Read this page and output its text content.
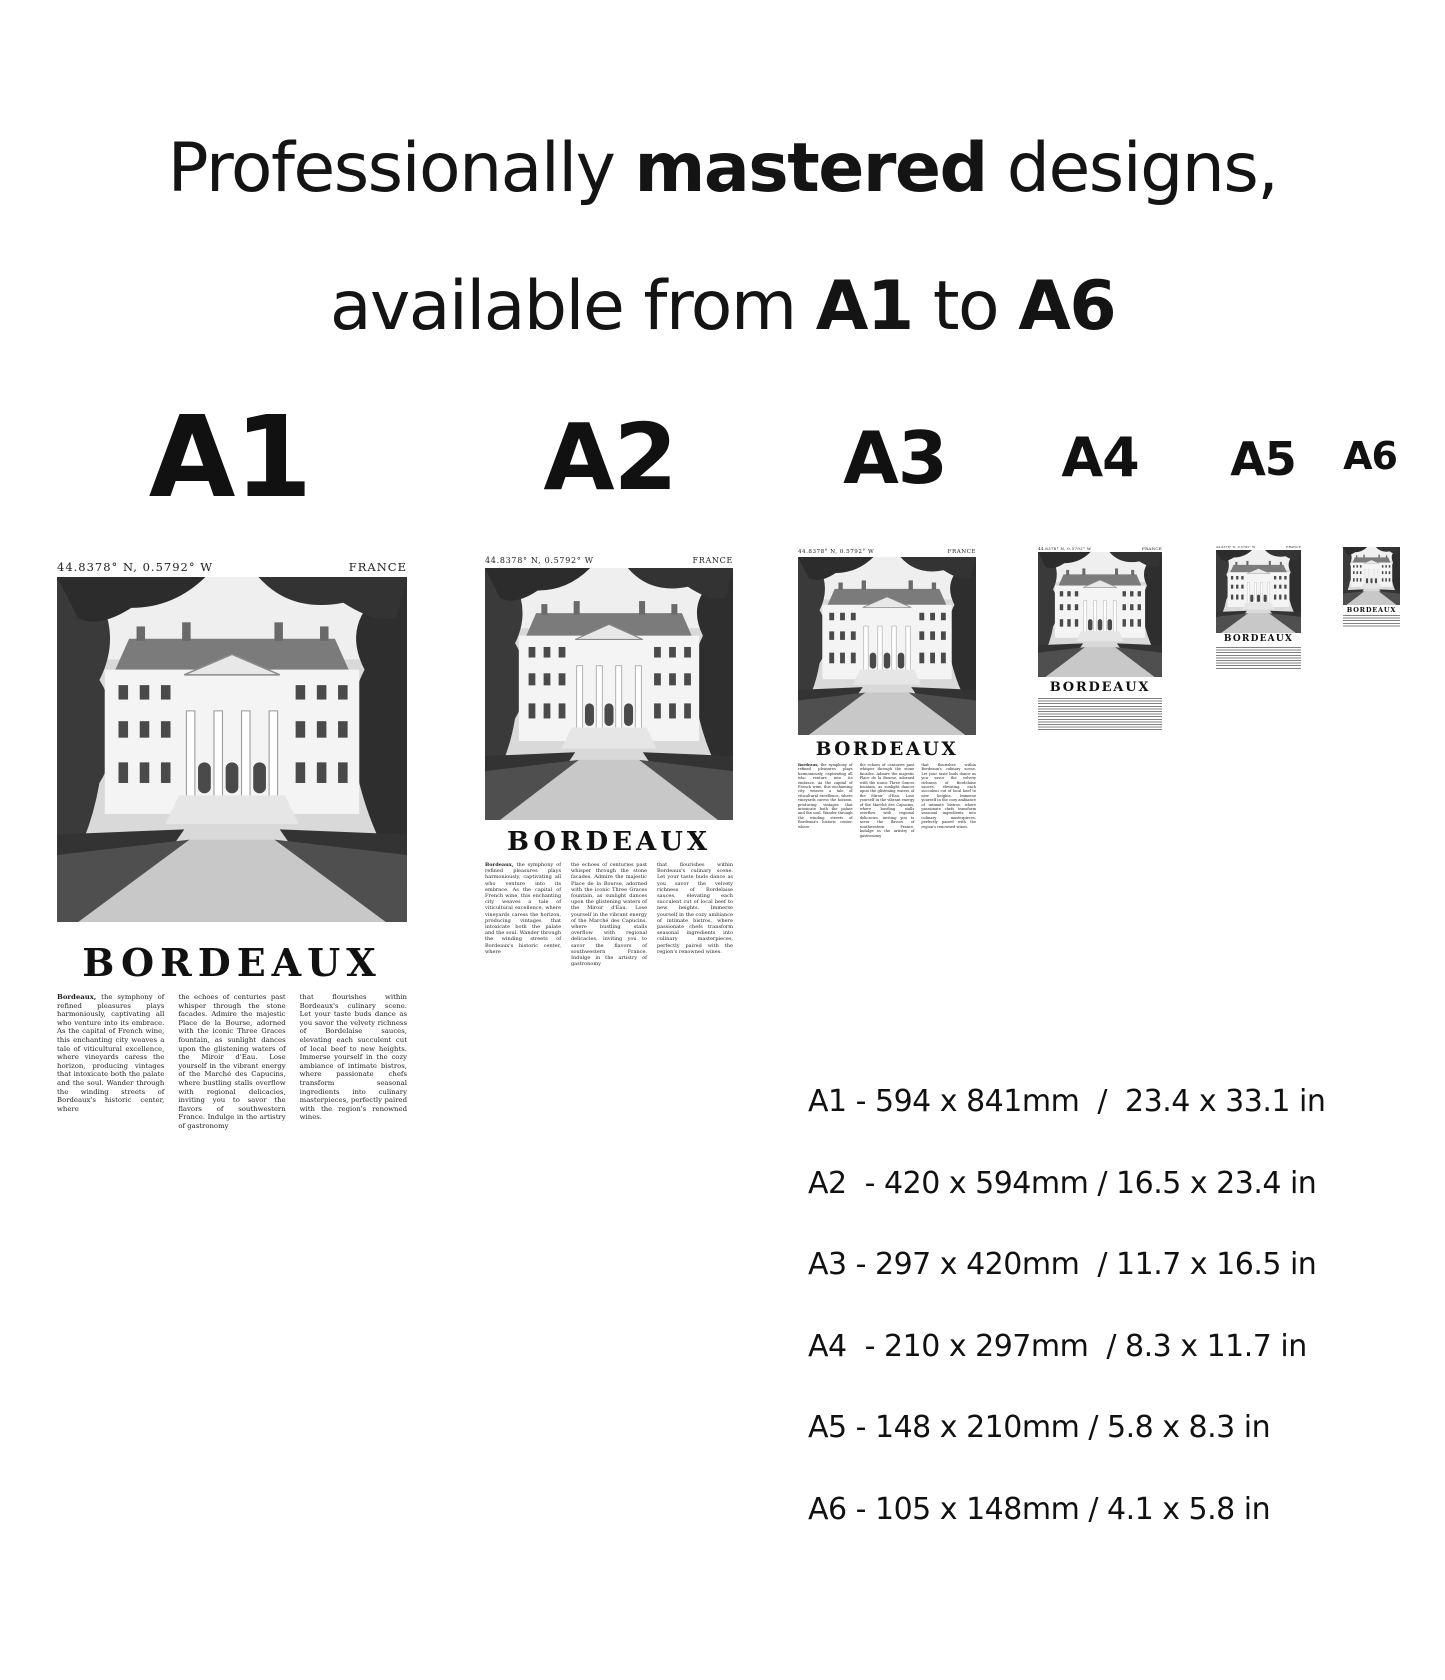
Professionally mastered designs,
available from A1 to A6
A1	A2	A3	A4	A5	A6
44.8378° N, 0.5792° W	FRANCE
BORDEAUX

Bordeaux, the symphony of refined pleasures plays harmoniously, captivating all who venture into its embrace. As the capital of French wine, this enchanting city weaves a tale of viticultural excellence, where vineyards caress the horizon, producing vintages that intoxicate both the palate and the soul. Wander through the winding streets of Bordeaux's historic center, where

the echoes of centuries past whisper through the stone facades. Admire the majestic Place de la Bourse, adorned with the iconic Three Graces fountain, as sunlight dances upon the glistening waters of the Miroir d'Eau. Lose yourself in the vibrant energy of the Marché des Capucins, where bustling stalls overflow with regional delicacies, inviting you to savor the flavors of southwestern France. Indulge in the artistry of gastronomy

that flourishes within Bordeaux's culinary scene. Let your taste buds dance as you savor the velvety richness of Bordelaise sauces, elevating each succulent cut of local beef to new heights. Immerse yourself in the cozy ambiance of intimate bistros, where passionate chefs transform seasonal ingredients into culinary masterpieces, perfectly paired with the region's renowned wines.

44.8378° N, 0.5792° W	FRANCE
BORDEAUX

Bordeaux, the symphony of refined pleasures plays harmoniously, captivating all who venture into its embrace. As the capital of French wine, this enchanting city weaves a tale of viticultural excellence, where vineyards caress the horizon, producing vintages that intoxicate both the palate and the soul. Wander through the winding streets of Bordeaux's historic center, where

the echoes of centuries past whisper through the stone facades. Admire the majestic Place de la Bourse, adorned with the iconic Three Graces fountain, as sunlight dances upon the glistening waters of the Miroir d'Eau. Lose yourself in the vibrant energy of the Marché des Capucins, where bustling stalls overflow with regional delicacies, inviting you to savor the flavors of southwestern France. Indulge in the artistry of gastronomy

that flourishes within Bordeaux's culinary scene. Let your taste buds dance as you savor the velvety richness of Bordelaise sauces, elevating each succulent cut of local beef to new heights. Immerse yourself in the cozy ambiance of intimate bistros, where passionate chefs transform seasonal ingredients into culinary masterpieces, perfectly paired with the region's renowned wines.

44.8378° N, 0.5792° W	FRANCE
BORDEAUX

Bordeaux, the symphony of refined pleasures plays harmoniously, captivating all who venture into its embrace. As the capital of French wine, this enchanting city weaves a tale of viticultural excellence, where vineyards caress the horizon, producing vintages that intoxicate both the palate and the soul. Wander through the winding streets of Bordeaux's historic center, where

the echoes of centuries past whisper through the stone facades. Admire the majestic Place de la Bourse, adorned with the iconic Three Graces fountain, as sunlight dances upon the glistening waters of the Miroir d'Eau. Lose yourself in the vibrant energy of the Marché des Capucins, where bustling stalls overflow with regional delicacies, inviting you to savor the flavors of southwestern France. Indulge in the artistry of gastronomy

that flourishes within Bordeaux's culinary scene. Let your taste buds dance as you savor the velvety richness of Bordelaise sauces, elevating each succulent cut of local beef to new heights. Immerse yourself in the cozy ambiance of intimate bistros, where passionate chefs transform seasonal ingredients into culinary masterpieces, perfectly paired with the region's renowned wines.

44.8378° N, 0.5792° W	FRANCE
BORDEAUX
44.8378° N, 0.5792° W	FRANCE
BORDEAUX
BORDEAUX
A1 - 594 x 841mm  /  23.4 x 33.1 in
A2  - 420 x 594mm / 16.5 x 23.4 in
A3 - 297 x 420mm  / 11.7 x 16.5 in
A4  - 210 x 297mm  / 8.3 x 11.7 in
A5 - 148 x 210mm / 5.8 x 8.3 in
A6 - 105 x 148mm / 4.1 x 5.8 in
